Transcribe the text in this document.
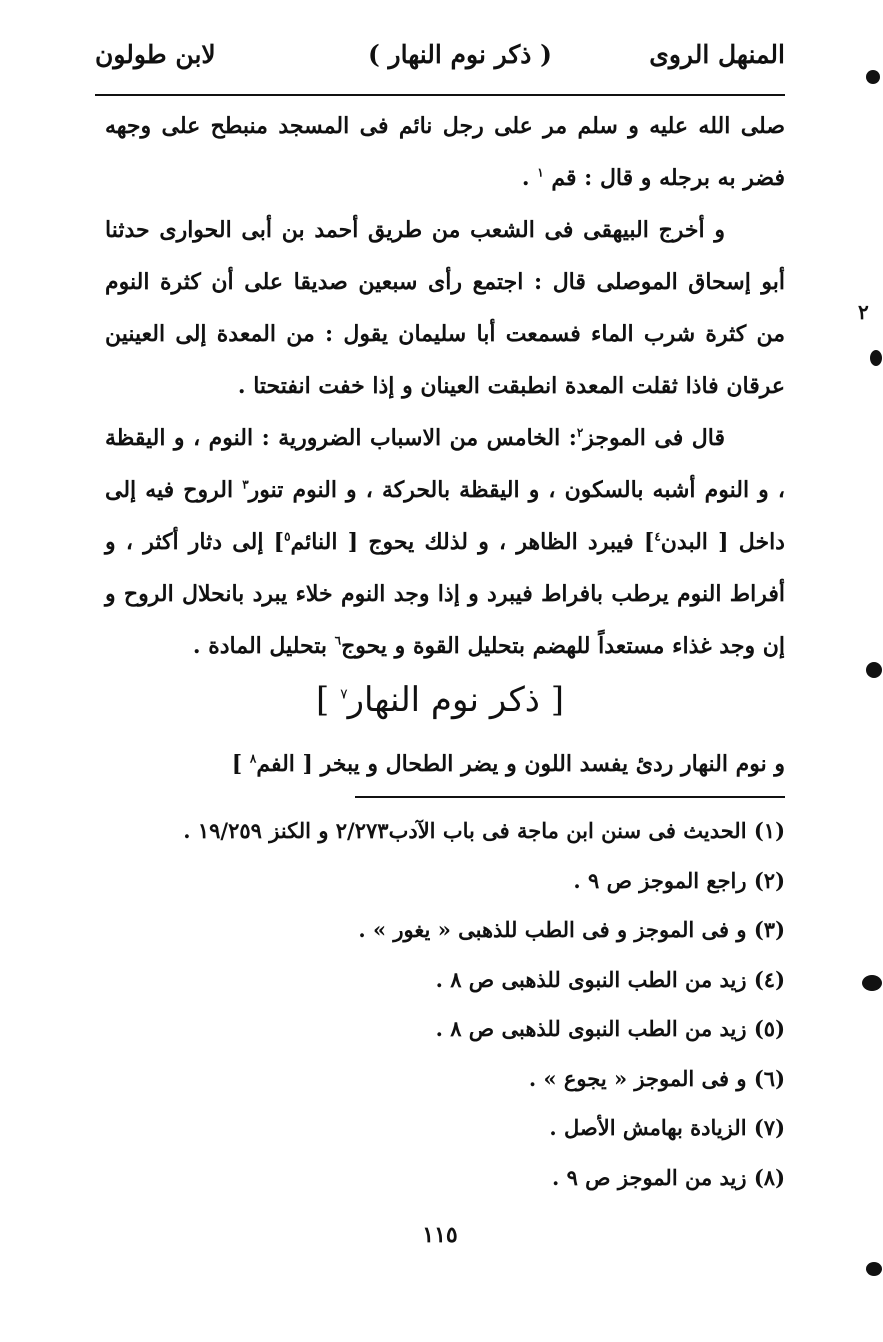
المنهل الروى
( ذكر نوم النهار )
لابن طولون

صلى الله عليه و سلم مر على رجل نائم فى المسجد منبطح على وجهه فضر به برجله و قال : قم $^١$ .

و أخرج البيهقى فى الشعب من طريق أحمد بن أبى الحوارى حدثنا أبو إسحاق الموصلى قال : اجتمع رأى سبعين صديقا على أن كثرة النوم من كثرة شرب الماء فسمعت أبا سليمان يقول : من المعدة إلى العينين عرقان فاذا ثقلت المعدة انطبقت العينان و إذا خفت انفتحتا .

قال فى الموجز$^٢$: الخامس من الاسباب الضرورية : النوم ، و اليقظة ، و النوم أشبه بالسكون ، و اليقظة بالحركة ، و النوم تنور$^٣$ الروح فيه إلى داخل [ البدن$^٤$] فيبرد الظاهر ، و لذلك يحوج [ النائم$^٥$] إلى دثار أكثر ، و أفراط النوم يرطب بافراط فيبرد و إذا وجد النوم خلاء يبرد بانحلال الروح و إن وجد غذاء مستعداً للهضم بتحليل القوة و يحوج$^٦$ بتحليل المادة .

[ ذكر نوم النهار$^٧$ ]
و نوم النهار ردئ يفسد اللون و يضر الطحال و يبخر [ الفم$^٨$ ]
(١) الحديث فى سنن ابن ماجة فى باب الآدب٢/٢٧٣ و الكنز ١٩/٢٥٩ .
(٢) راجع الموجز ص ٩ .
(٣) و فى الموجز و فى الطب للذهبى « يغور » .
(٤) زيد من الطب النبوى للذهبى ص ٨ .
(٥) زيد من الطب النبوى للذهبى ص ٨ .
(٦) و فى الموجز « يجوع » .
(٧) الزيادة بهامش الأصل .
(٨) زيد من الموجز ص ٩ .
١١٥
٢
